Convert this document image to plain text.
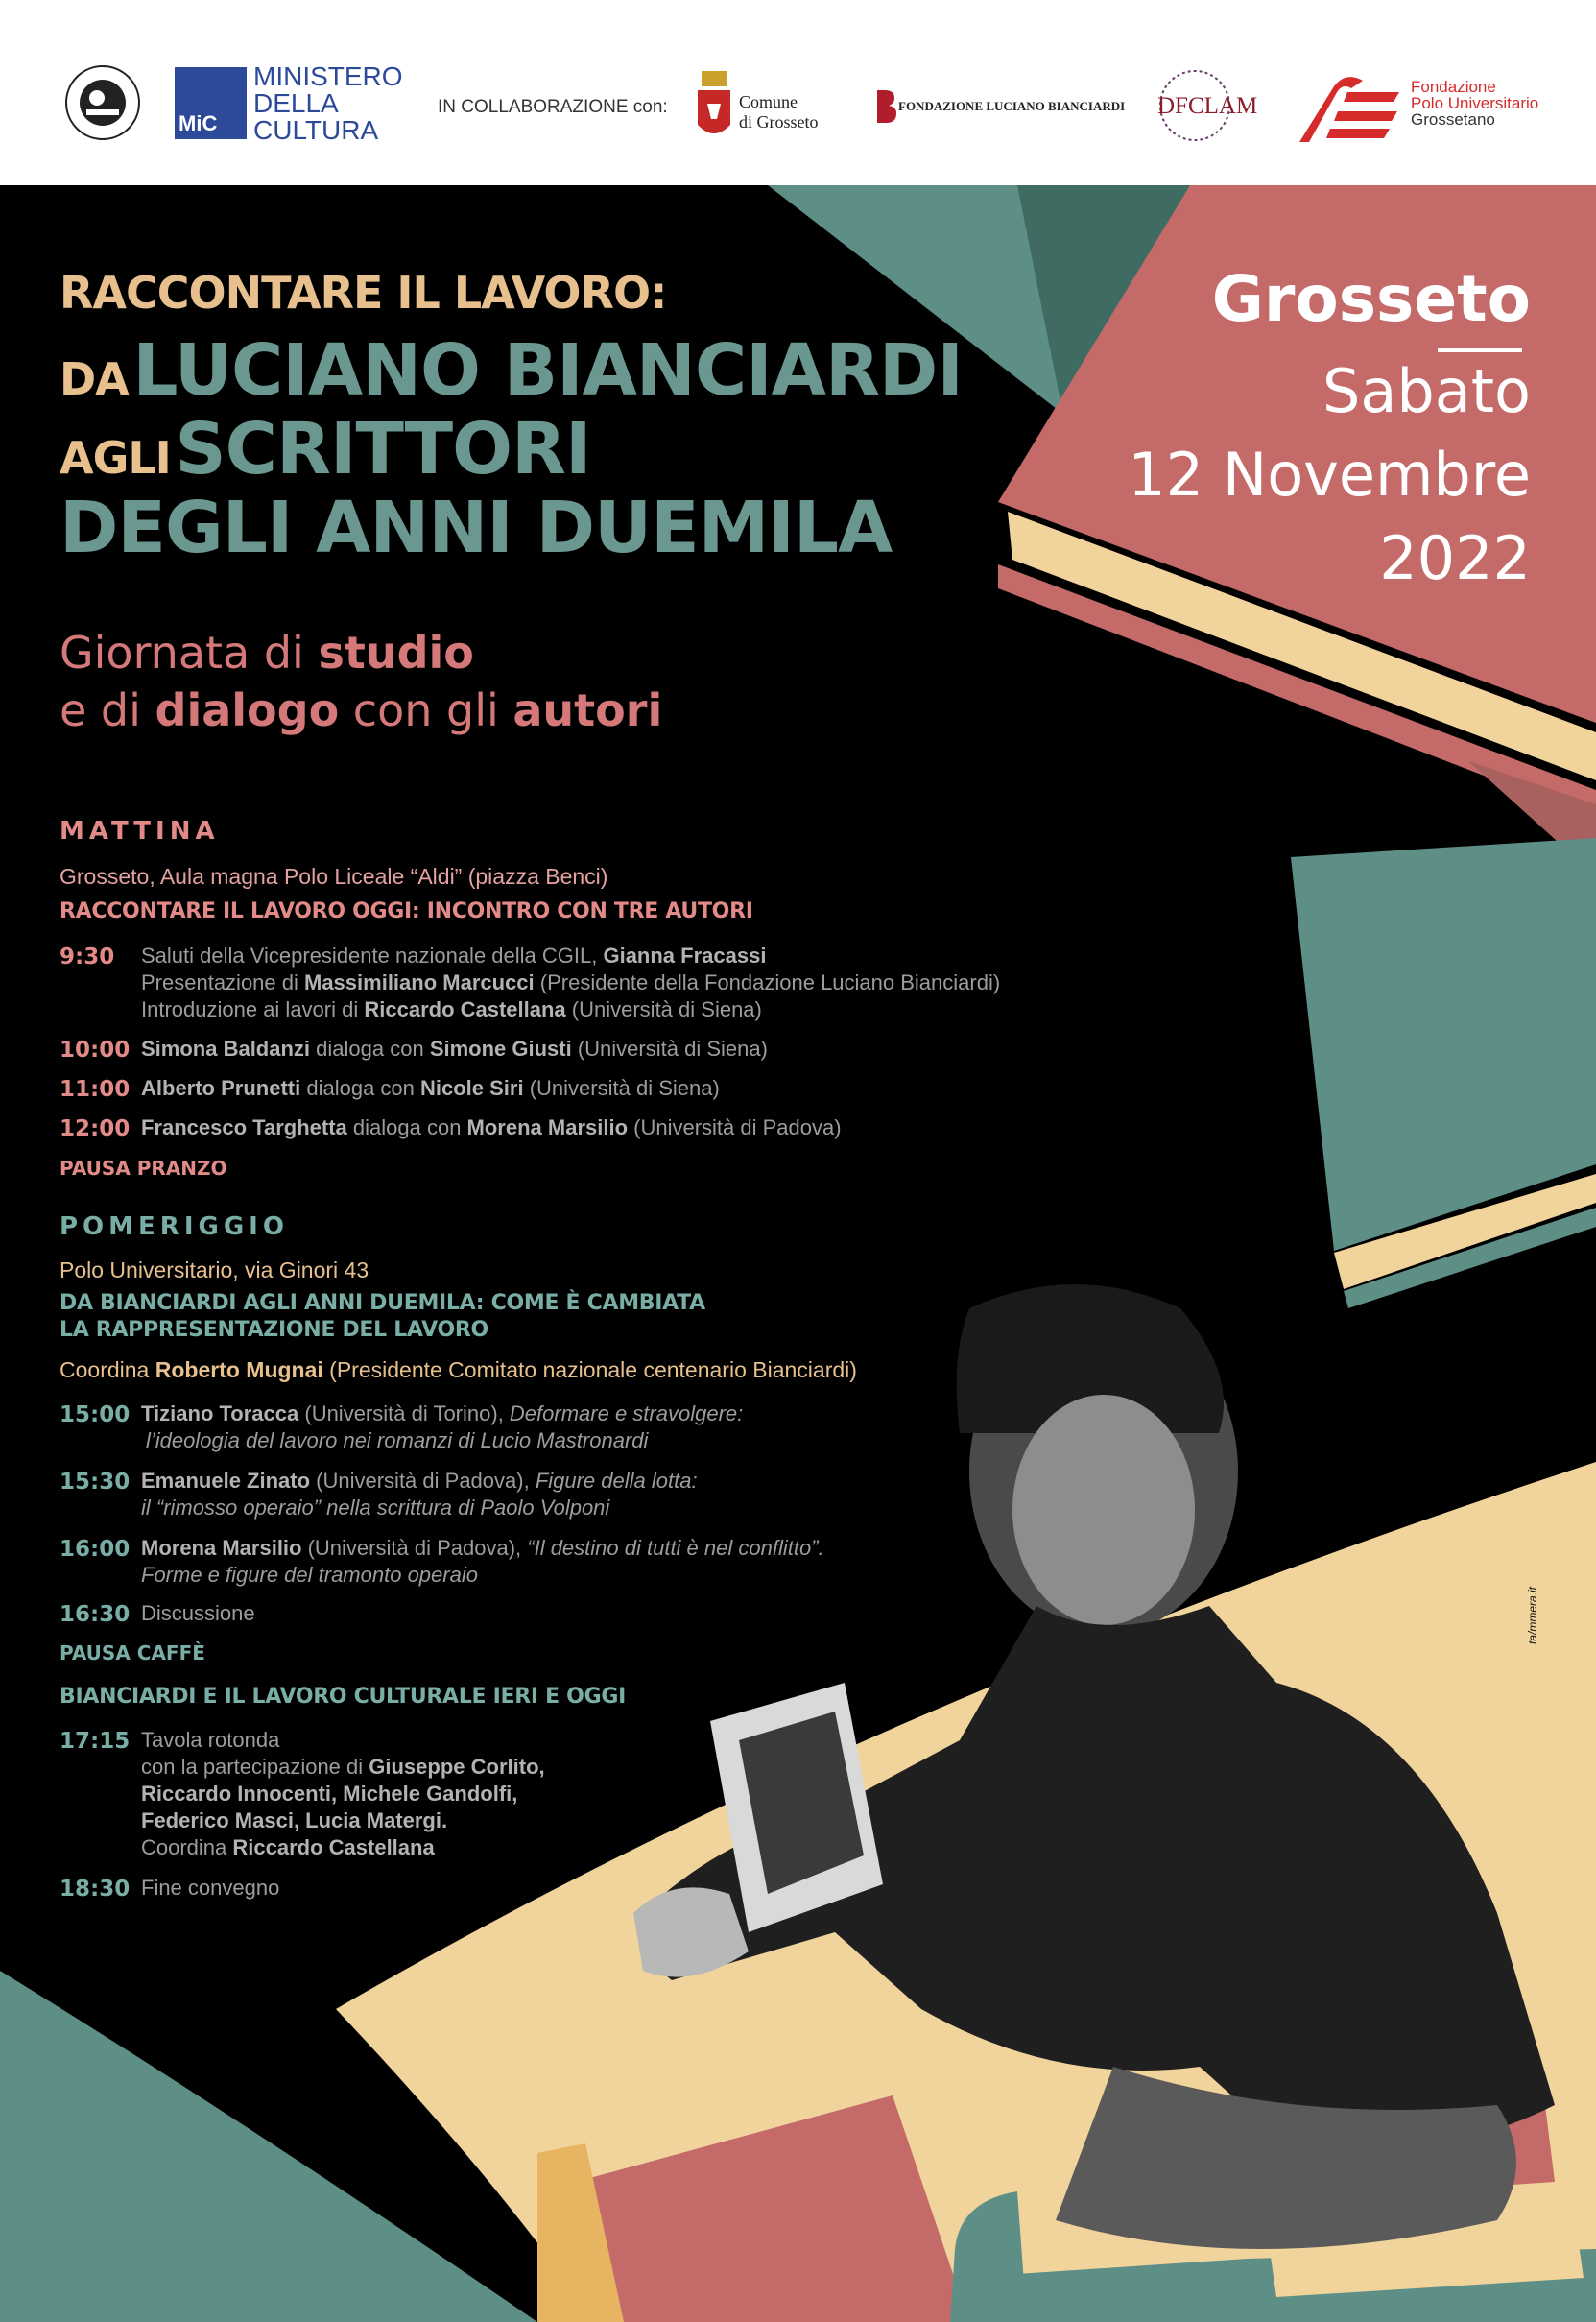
MiC
MINISTERO
DELLA
CULTURA
IN COLLABORAZIONE con:	Comune
di Grosseto
FONDAZIONE LUCIANO BIANCIARDI DFCLAM
Fondazione
Polo Universitario
Grossetano
RACCONTARE IL LAVORO:
DA LUCIANO BIANCIARDI
AGLI SCRITTORI
DEGLI ANNI DUEMILA
Giornata di studio
e di dialogo con gli autori
Grosseto
Sabato
12 Novembre
2022
MATTINA
Grosseto, Aula magna Polo Liceale “Aldi” (piazza Benci)
RACCONTARE IL LAVORO OGGI: INCONTRO CON TRE AUTORI
9:30	Saluti della Vicepresidente nazionale della CGIL, Gianna Fracassi
Presentazione di Massimiliano Marcucci (Presidente della Fondazione Luciano Bianciardi)
Introduzione ai lavori di Riccardo Castellana (Università di Siena)
10:00 Simona Baldanzi dialoga con Simone Giusti (Università di Siena)
11:00 Alberto Prunetti dialoga con Nicole Siri (Università di Siena)
12:00 Francesco Targhetta dialoga con Morena Marsilio (Università di Padova)
PAUSA PRANZO
POMERIGGIO
Polo Universitario, via Ginori 43
DA BIANCIARDI AGLI ANNI DUEMILA: COME È CAMBIATA
LA RAPPRESENTAZIONE DEL LAVORO
Coordina Roberto Mugnai (Presidente Comitato nazionale centenario Bianciardi)
15:00 Tiziano Toracca (Università di Torino), Deformare e stravolgere:
l’ideologia del lavoro nei romanzi di Lucio Mastronardi
15:30 Emanuele Zinato (Università di Padova), Figure della lotta:
il “rimosso operaio” nella scrittura di Paolo Volponi
16:00 Morena Marsilio (Università di Padova), “Il destino di tutti è nel conflitto”.
Forme e figure del tramonto operaio
16:30 Discussione
PAUSA CAFFÈ
BIANCIARDI E IL LAVORO CULTURALE IERI E OGGI
17:15 Tavola rotonda
con la partecipazione di Giuseppe Corlito,
Riccardo Innocenti, Michele Gandolfi,
Federico Masci, Lucia Matergi.
Coordina Riccardo Castellana
18:30 Fine convegno
ta/mmera.it
